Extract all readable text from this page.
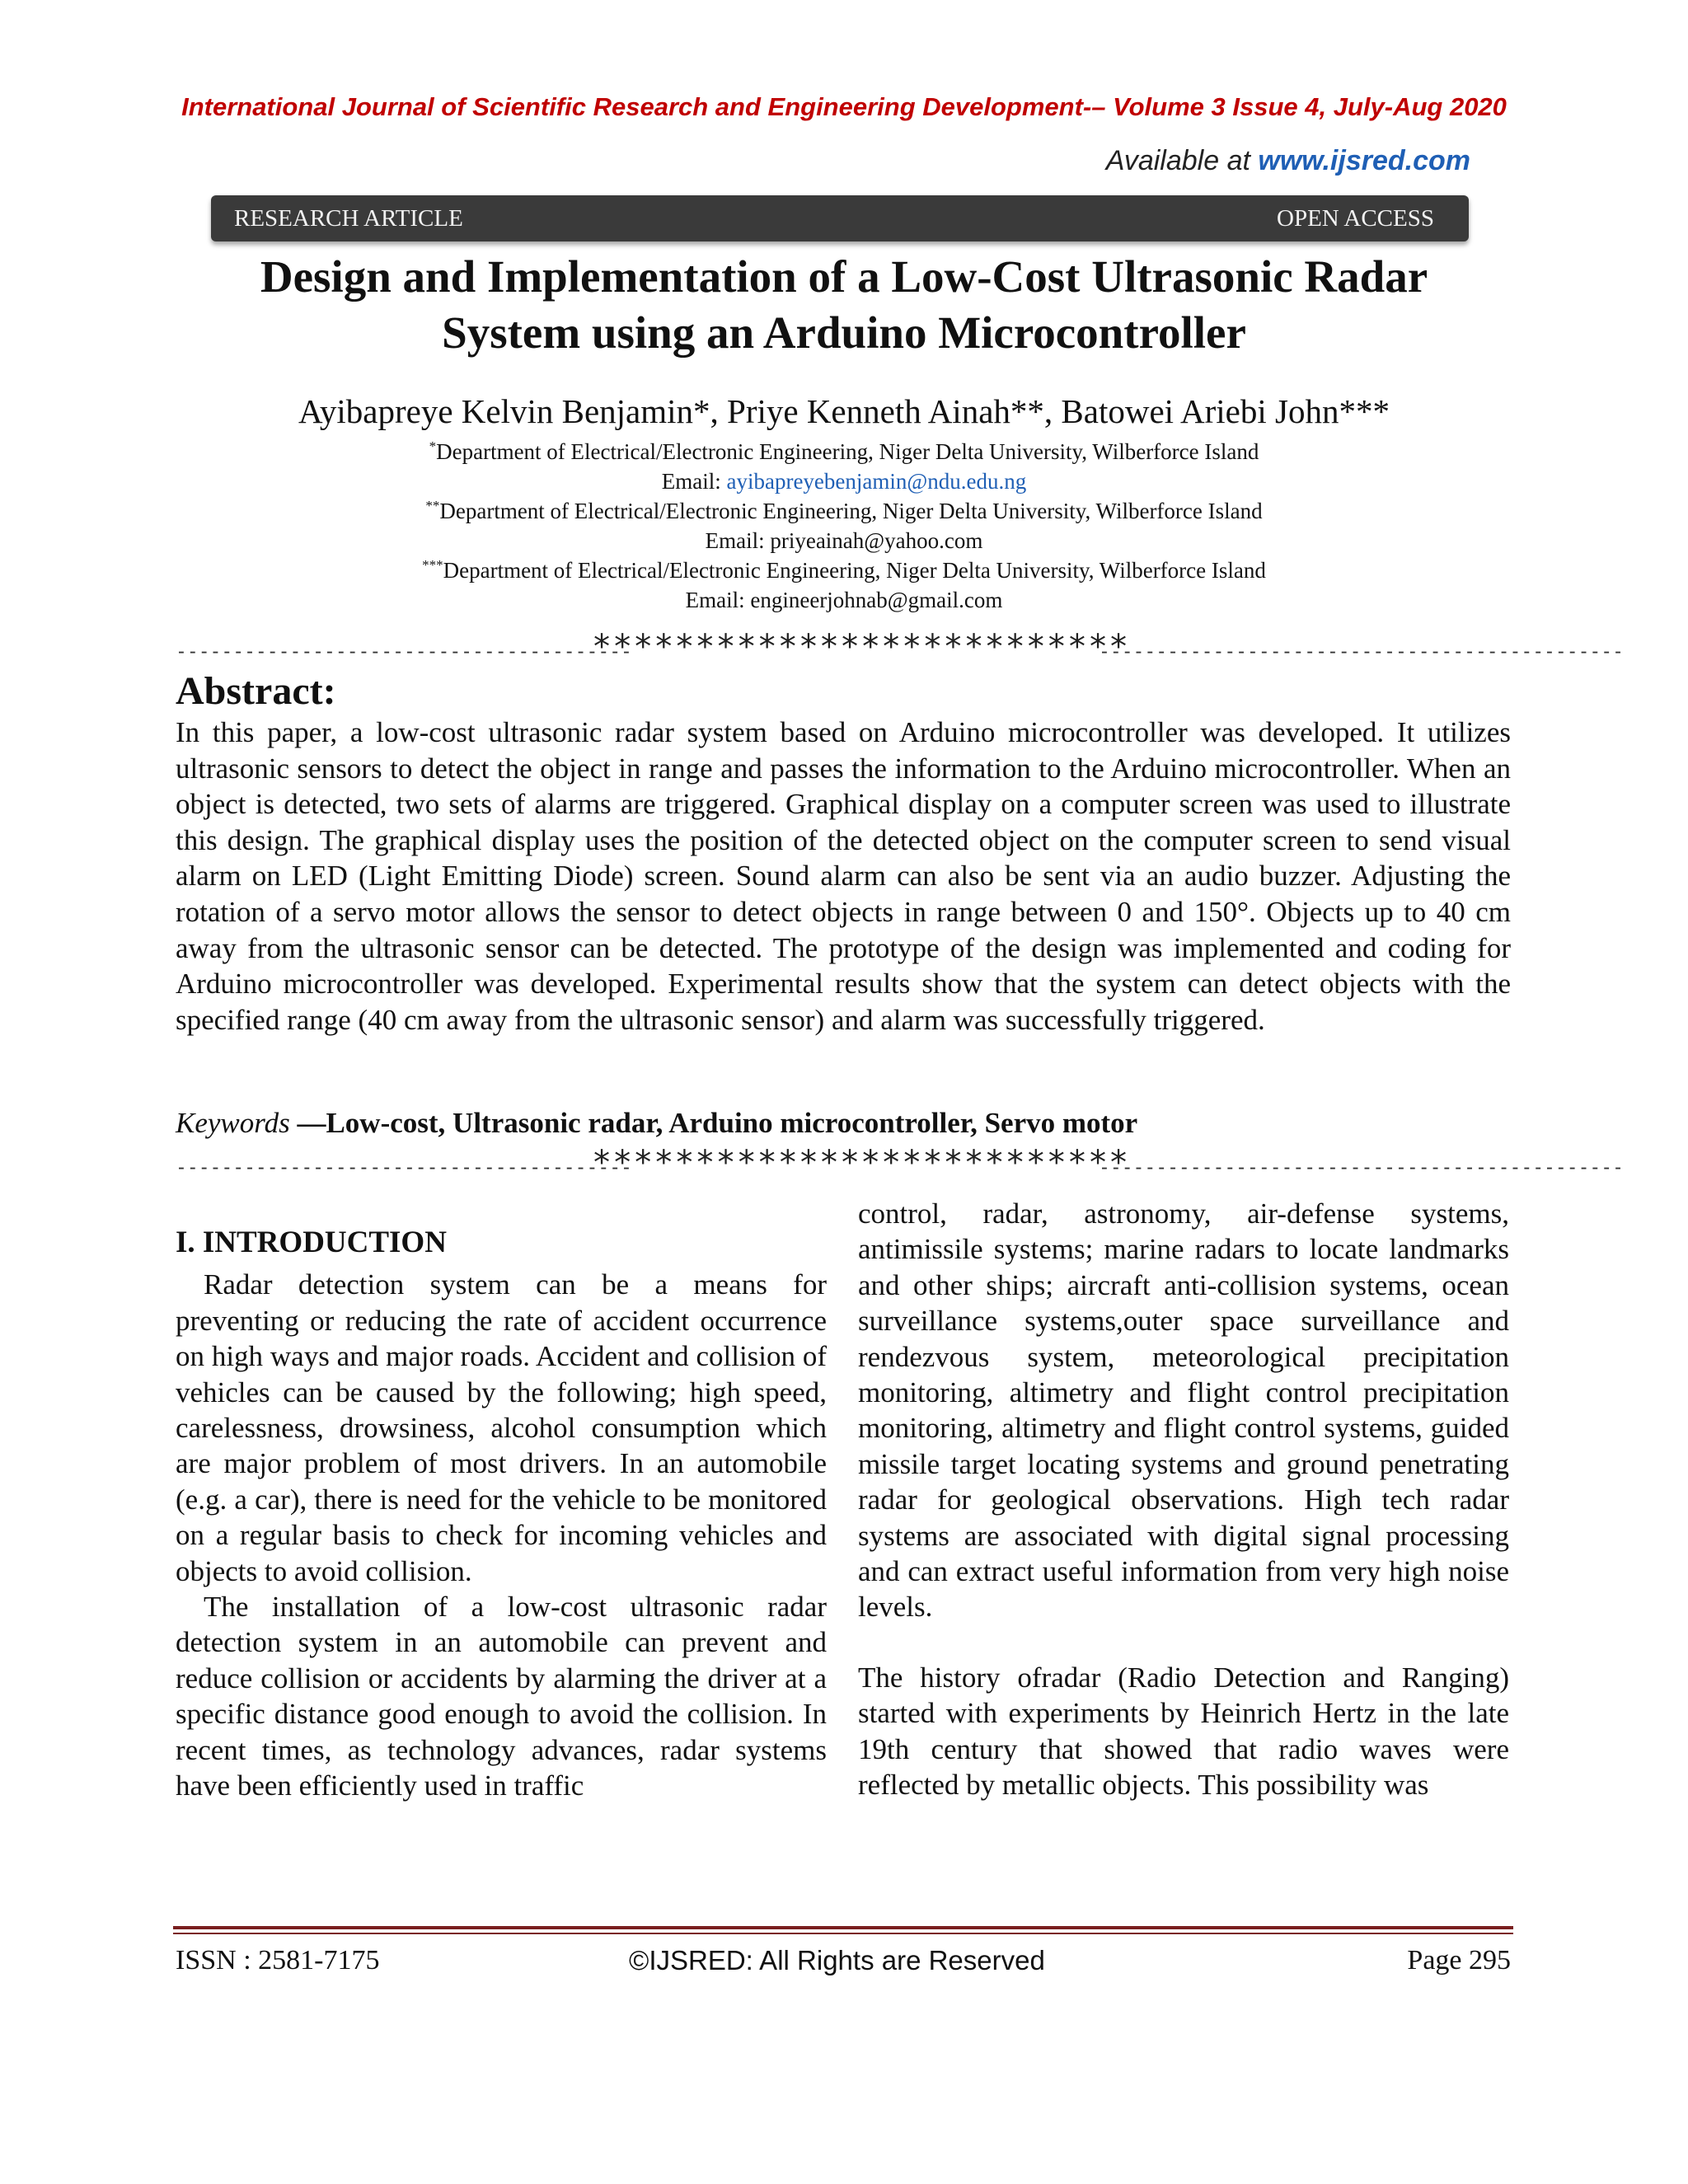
International Journal of Scientific Research and Engineering Development-– Volume 3 Issue 4, July-Aug 2020
Available at www.ijsred.com
RESEARCH ARTICLE	OPEN ACCESS
Design and Implementation of a Low-Cost Ultrasonic Radar
System using an Arduino Microcontroller
Ayibapreye Kelvin Benjamin*, Priye Kenneth Ainah**, Batowei Ariebi John***
*Department of Electrical/Electronic Engineering, Niger Delta University, Wilberforce Island
Email: ayibapreyebenjamin@ndu.edu.ng
**Department of Electrical/Electronic Engineering, Niger Delta University, Wilberforce Island
Email: priyeainah@yahoo.com
***Department of Electrical/Electronic Engineering, Niger Delta University, Wilberforce Island
Email: engineerjohnab@gmail.com
----------------------------------------
**************************
----------------------------------------------
Abstract:
In this paper, a low-cost ultrasonic radar system based on Arduino microcontroller was developed. It utilizes ultrasonic sensors to detect the object in range and passes the information to the Arduino microcontroller. When an object is detected, two sets of alarms are triggered. Graphical display on a computer screen was used to illustrate this design. The graphical display uses the position of the detected object on the computer screen to send visual alarm on LED (Light Emitting Diode) screen. Sound alarm can also be sent via an audio buzzer. Adjusting the rotation of a servo motor allows the sensor to detect objects in range between 0 and 150°. Objects up to 40 cm away from the ultrasonic sensor can be detected. The prototype of the design was implemented and coding for Arduino microcontroller was developed. Experimental results show that the system can detect objects with the specified range (40 cm away from the ultrasonic sensor) and alarm was successfully triggered.
Keywords —Low-cost, Ultrasonic radar, Arduino microcontroller, Servo motor
----------------------------------------
**************************
----------------------------------------------

I. INTRODUCTION

Radar detection system can be a means for preventing or reducing the rate of accident occurrence on high ways and major roads. Accident and collision of vehicles can be caused by the following; high speed, carelessness, drowsiness, alcohol consumption which are major problem of most drivers. In an automobile (e.g. a car), there is need for the vehicle to be monitored on a regular basis to check for incoming vehicles and objects to avoid collision.

The installation of a low-cost ultrasonic radar detection system in an automobile can prevent and reduce collision or accidents by alarming the driver at a specific distance good enough to avoid the collision. In recent times, as technology advances, radar systems have been efficiently used in traffic

control, radar, astronomy, air-defense systems, antimissile systems; marine radars to locate landmarks and other ships; aircraft anti-collision systems, ocean surveillance systems,outer space surveillance and rendezvous system, meteorological precipitation monitoring, altimetry and flight control precipitation monitoring, altimetry and flight control systems, guided missile target locating systems and ground penetrating radar for geological observations. High tech radar systems are associated with digital signal processing and can extract useful information from very high noise levels.

The history ofradar (Radio Detection and Ranging) started with experiments by Heinrich Hertz in the late 19th century that showed that radio waves were reflected by metallic objects. This possibility was

ISSN : 2581-7175	©IJSRED: All Rights are Reserved	Page 295
